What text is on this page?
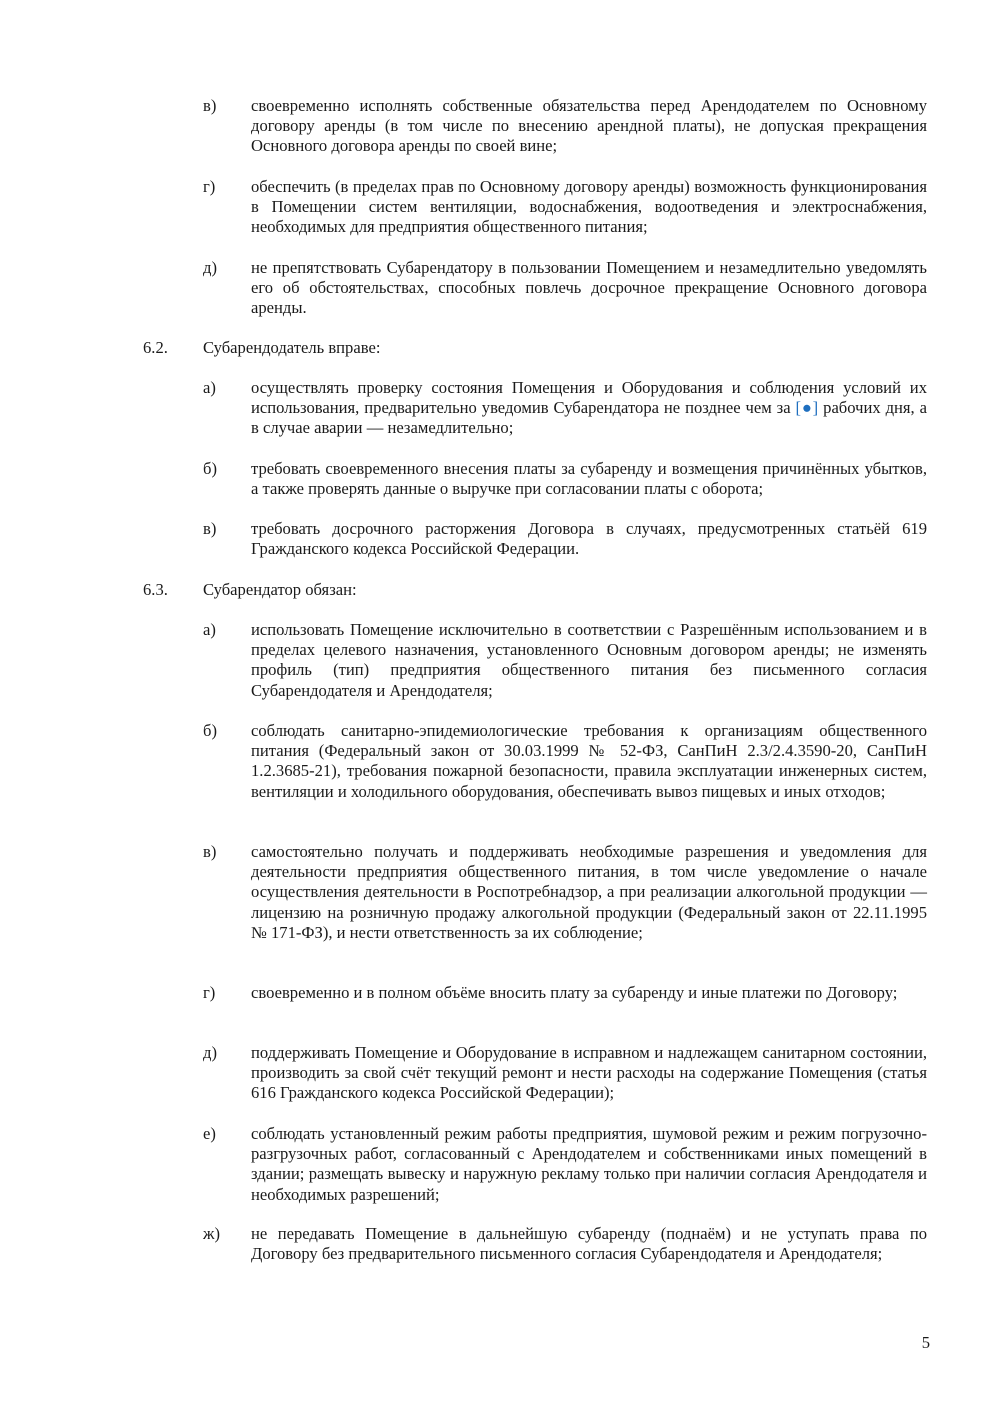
в)	своевременно исполнять собственные обязательства перед Арендодателем по Основному договору аренды (в том числе по внесению арендной платы), не допуская прекращения Основного договора аренды по своей вине;
г)	обеспечить (в пределах прав по Основному договору аренды) возможность функционирования в Помещении систем вентиляции, водоснабжения, водоотведения и электроснабжения, необходимых для предприятия общественного питания;
д)	не препятствовать Субарендатору в пользовании Помещением и незамедлительно уведомлять его об обстоятельствах, способных повлечь досрочное прекращение Основного договора аренды.
6.2.	Субарендодатель вправе:
а)	осуществлять проверку состояния Помещения и Оборудования и соблюдения условий их использования, предварительно уведомив Субарендатора не позднее чем за [●] рабочих дня, а в случае аварии — незамедлительно;
б)	требовать своевременного внесения платы за субаренду и возмещения причинённых убытков, а также проверять данные о выручке при согласовании платы с оборота;
в)	требовать досрочного расторжения Договора в случаях, предусмотренных статьёй 619 Гражданского кодекса Российской Федерации.
6.3.	Субарендатор обязан:
а)	использовать Помещение исключительно в соответствии с Разрешённым использованием и в пределах целевого назначения, установленного Основным договором аренды; не изменять профиль (тип) предприятия общественного питания без письменного согласия Субарендодателя и Арендодателя;
б)	соблюдать санитарно-эпидемиологические требования к организациям общественного питания (Федеральный закон от 30.03.1999 № 52-ФЗ, СанПиН 2.3/2.4.3590-20, СанПиН 1.2.3685-21), требования пожарной безопасности, правила эксплуатации инженерных систем, вентиляции и холодильного оборудования, обеспечивать вывоз пищевых и иных отходов;
в)	самостоятельно получать и поддерживать необходимые разрешения и уведомления для деятельности предприятия общественного питания, в том числе уведомление о начале осуществления деятельности в Роспотребнадзор, а при реализации алкогольной продукции — лицензию на розничную продажу алкогольной продукции (Федеральный закон от 22.11.1995 № 171-ФЗ), и нести ответственность за их соблюдение;
г)	своевременно и в полном объёме вносить плату за субаренду и иные платежи по Договору;
д)	поддерживать Помещение и Оборудование в исправном и надлежащем санитарном состоянии, производить за свой счёт текущий ремонт и нести расходы на содержание Помещения (статья 616 Гражданского кодекса Российской Федерации);
е)	соблюдать установленный режим работы предприятия, шумовой режим и режим погрузочно-разгрузочных работ, согласованный с Арендодателем и собственниками иных помещений в здании; размещать вывеску и наружную рекламу только при наличии согласия Арендодателя и необходимых разрешений;
ж)	не передавать Помещение в дальнейшую субаренду (поднаём) и не уступать права по Договору без предварительного письменного согласия Субарендодателя и Арендодателя;
5
